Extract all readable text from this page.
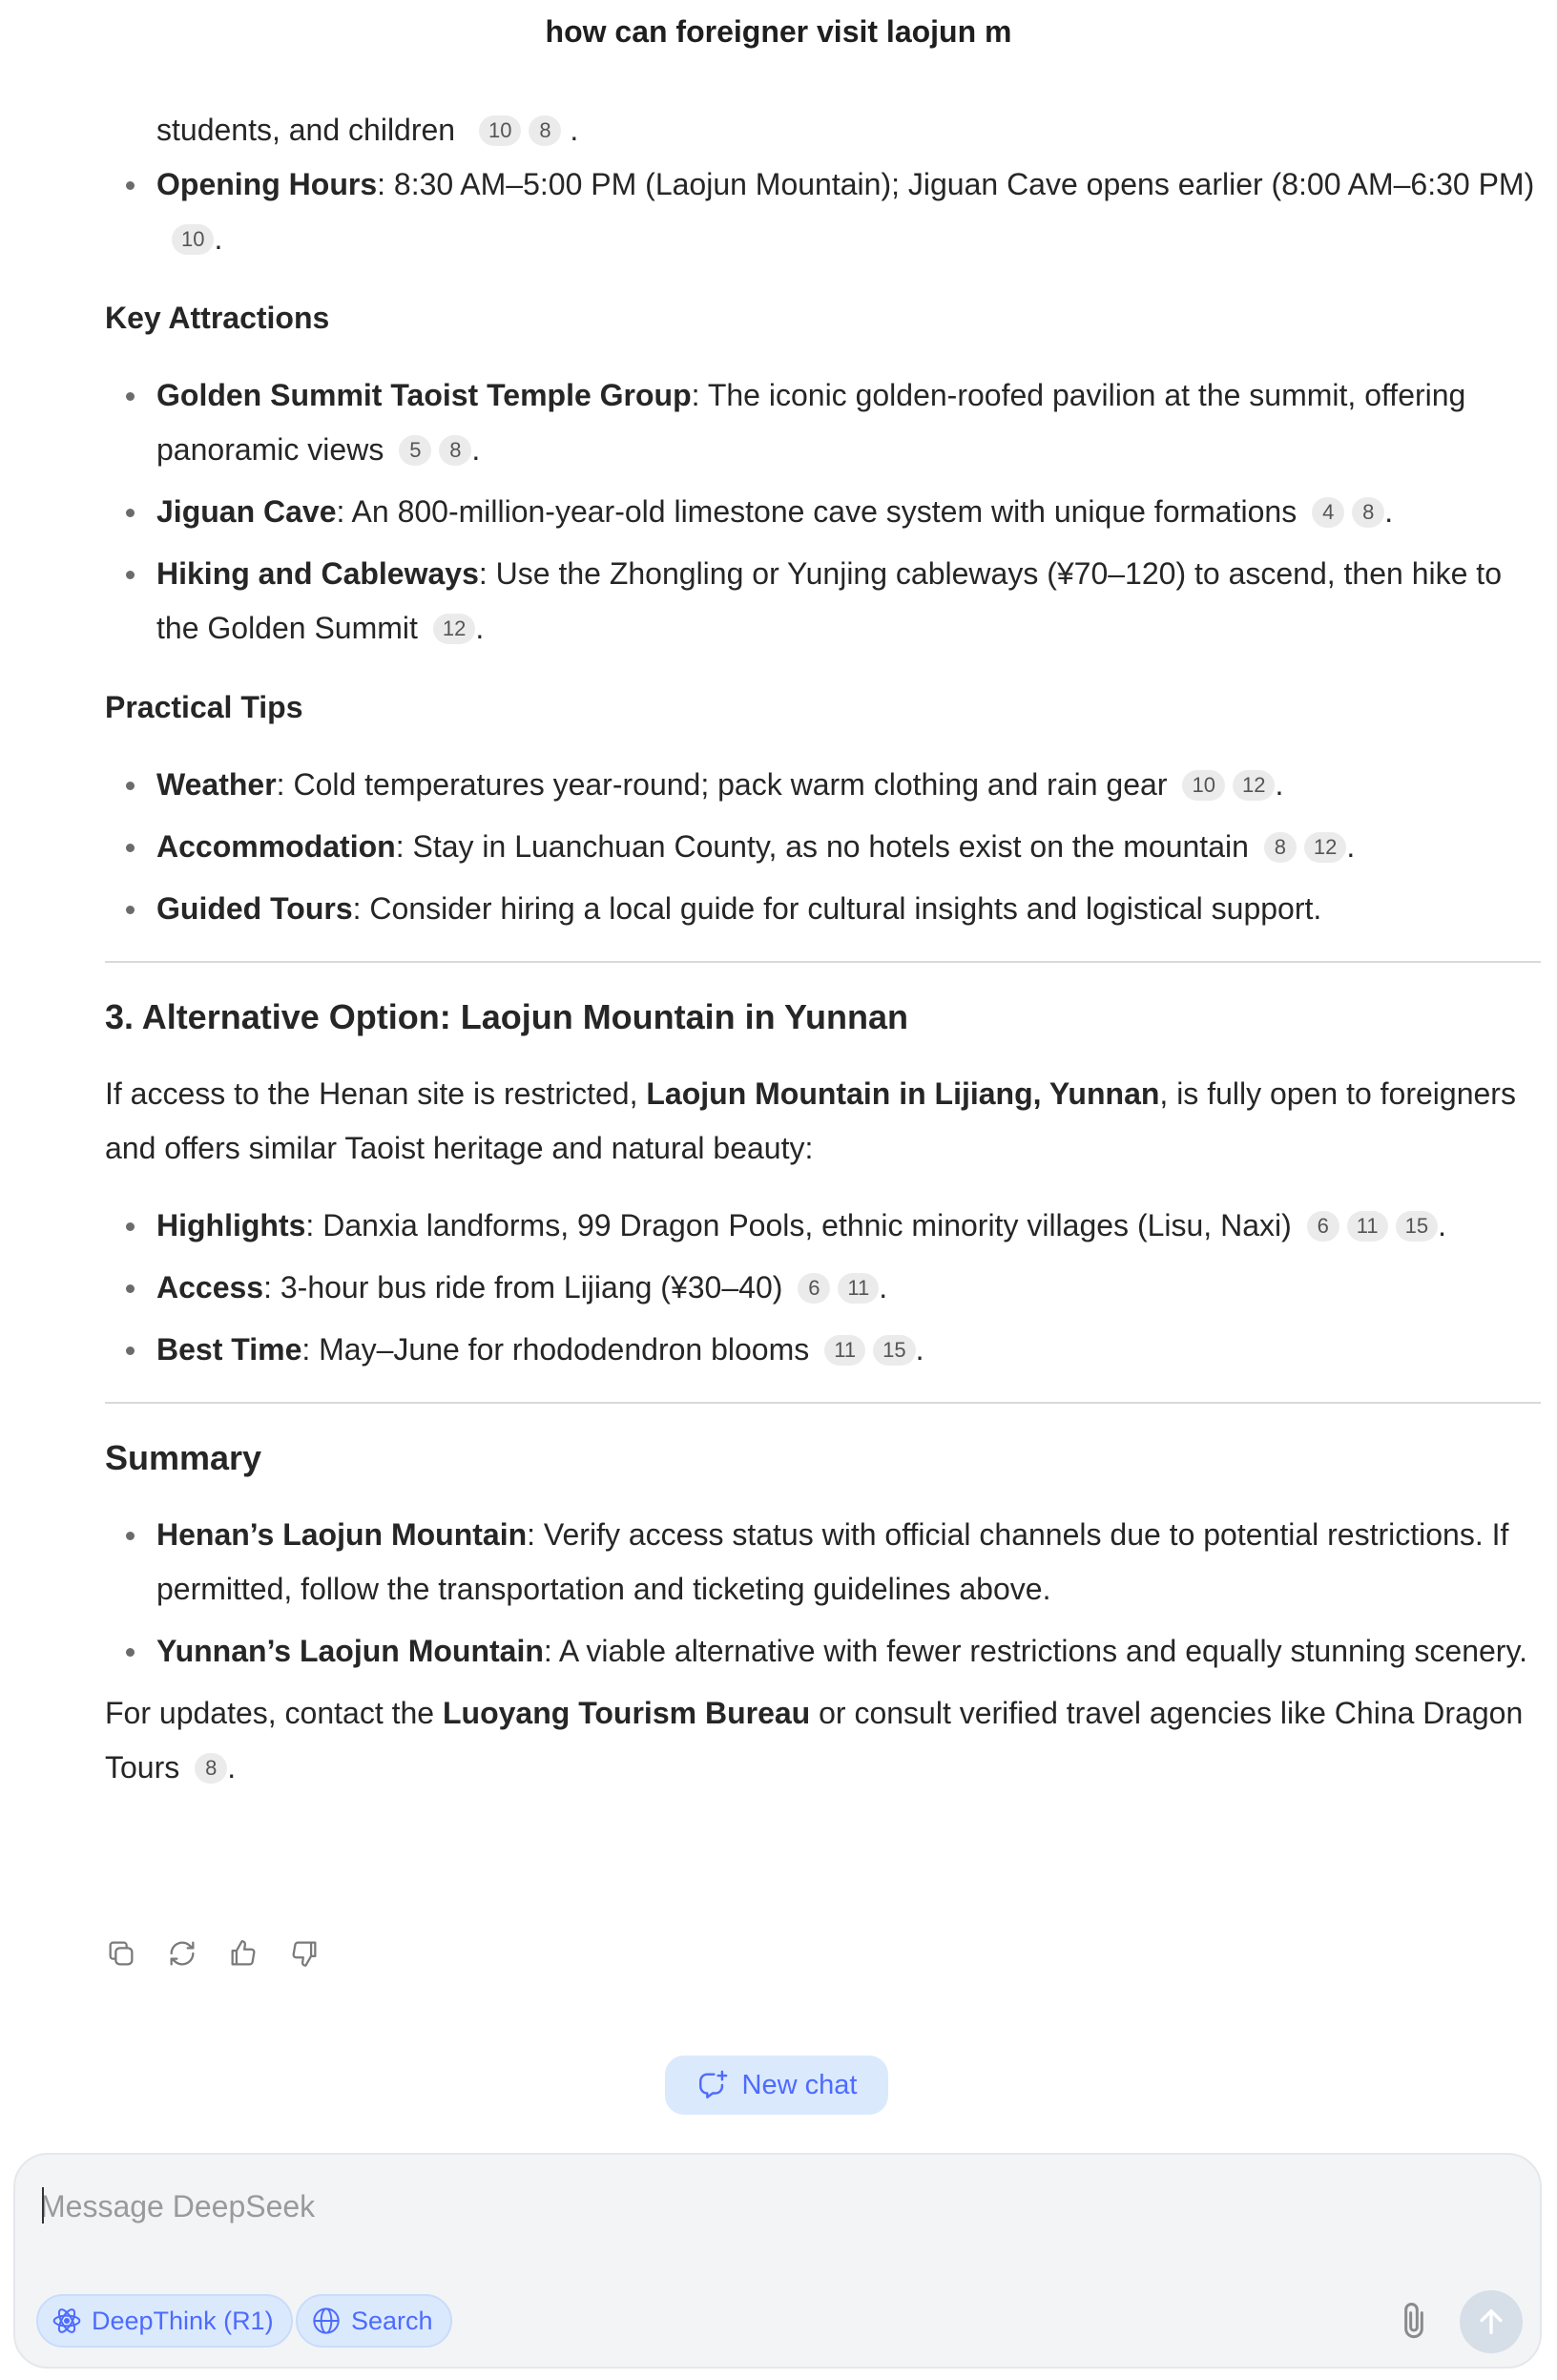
how can foreigner visit laojun m
students, and children 10 8 .
Opening Hours: 8:30 AM–5:00 PM (Laojun Mountain); Jiguan Cave opens earlier (8:00 AM–6:30 PM)10 .
Key Attractions
Golden Summit Taoist Temple Group: The iconic golden-roofed pavilion at the summit, offering panoramic views 5 8 .
Jiguan Cave: An 800-million-year-old limestone cave system with unique formations 4 8 .
Hiking and Cableways: Use the Zhongling or Yunjing cableways (¥70–120) to ascend, then hike to the Golden Summit 12 .
Practical Tips
Weather: Cold temperatures year-round; pack warm clothing and rain gear 10 12 .
Accommodation: Stay in Luanchuan County, as no hotels exist on the mountain 8 12 .
Guided Tours: Consider hiring a local guide for cultural insights and logistical support.
3. Alternative Option: Laojun Mountain in Yunnan
If access to the Henan site is restricted, Laojun Mountain in Lijiang, Yunnan, is fully open to foreigners and offers similar Taoist heritage and natural beauty:
Highlights: Danxia landforms, 99 Dragon Pools, ethnic minority villages (Lisu, Naxi) 6 11 15 .
Access: 3-hour bus ride from Lijiang (¥30–40) 6 11 .
Best Time: May–June for rhododendron blooms 11 15 .
Summary
Henan’s Laojun Mountain: Verify access status with official channels due to potential restrictions. If permitted, follow the transportation and ticketing guidelines above.
Yunnan’s Laojun Mountain: A viable alternative with fewer restrictions and equally stunning scenery.
For updates, contact the Luoyang Tourism Bureau or consult verified travel agencies like China Dragon Tours 8 .
New chat
Message DeepSeek
DeepThink (R1)	Search
